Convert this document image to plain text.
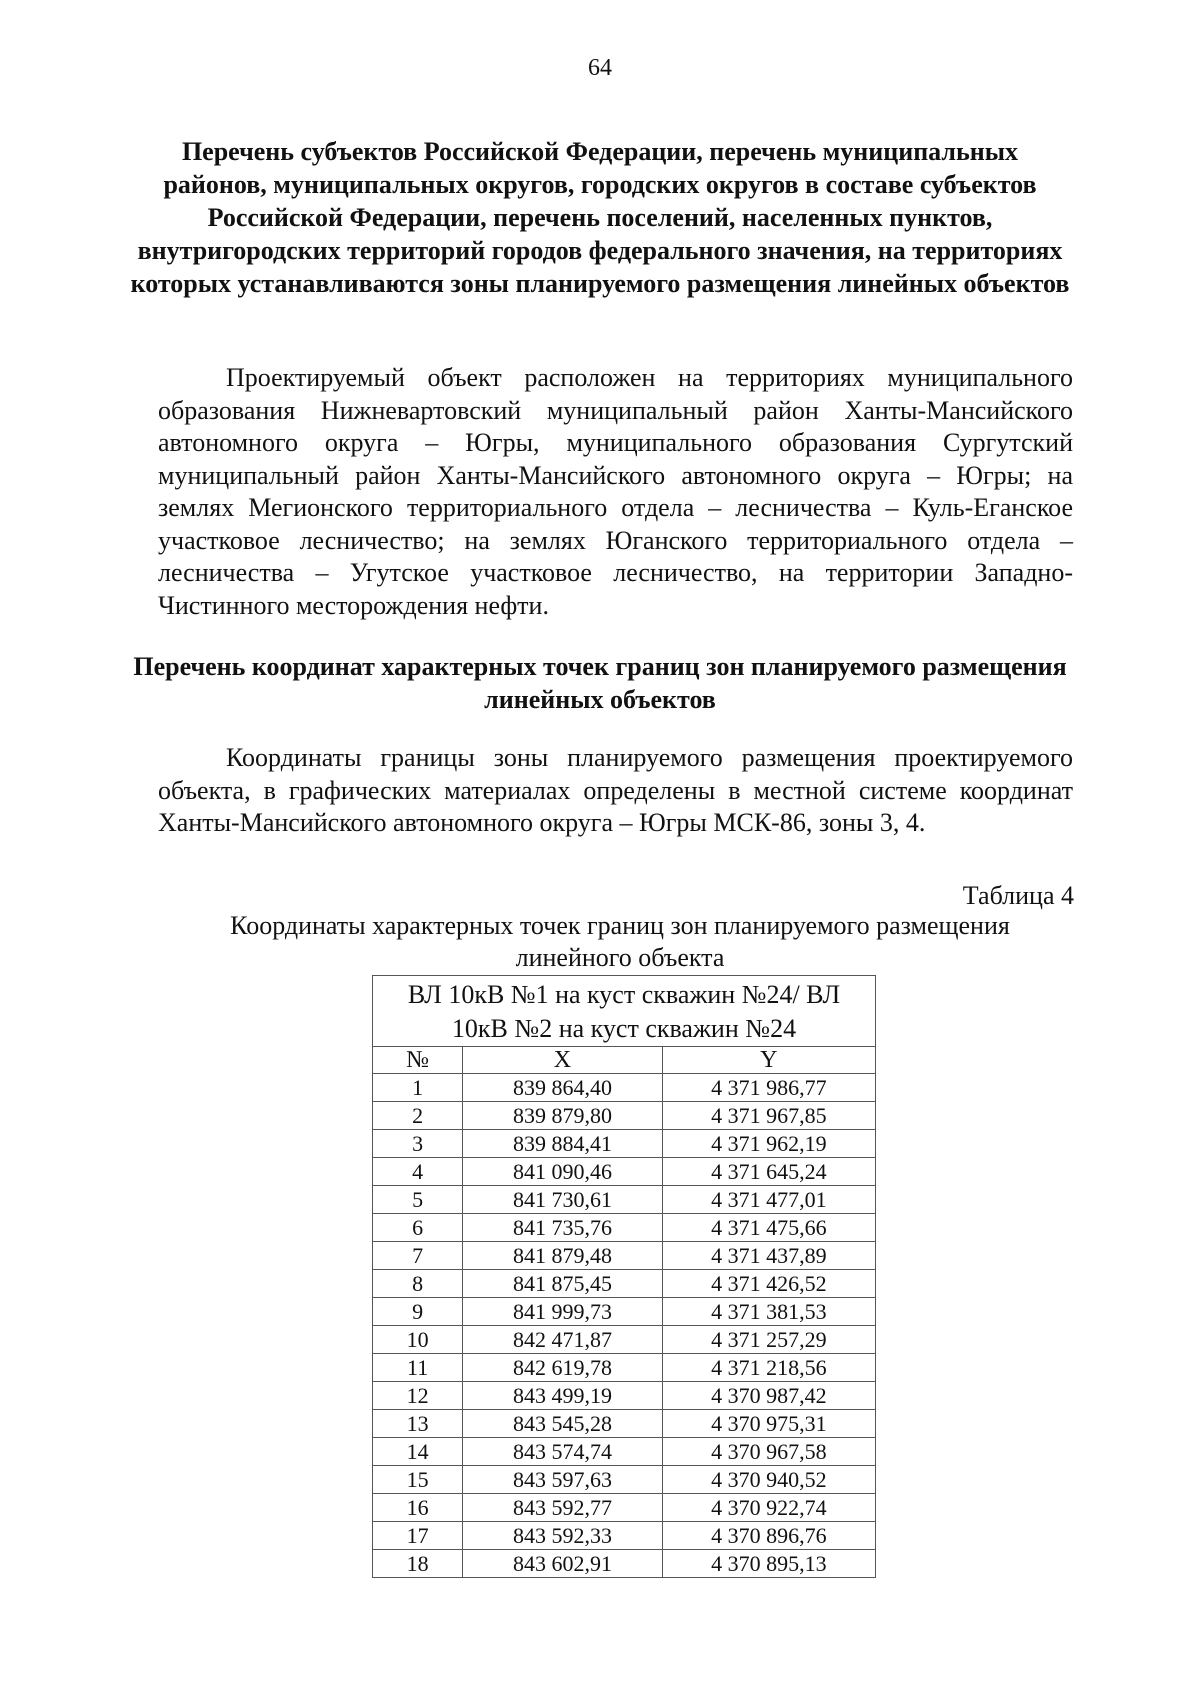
64
Перечень субъектов Российской Федерации, перечень муниципальных районов, муниципальных округов, городских округов в составе субъектов Российской Федерации, перечень поселений, населенных пунктов, внутригородских территорий городов федерального значения, на территориях которых устанавливаются зоны планируемого размещения линейных объектов

Проектируемый объект расположен на территориях муниципального образования Нижневартовский муниципальный район Ханты-Мансийского автономного округа – Югры, муниципального образования Сургутский муниципальный район Ханты-Мансийского автономного округа – Югры; на землях Мегионского территориального отдела – лесничества – Куль-Еганское участковое лесничество; на землях Юганского территориального отдела – лесничества – Угутское участковое лесничество, на территории Западно-Чистинного месторождения нефти.

Перечень координат характерных точек границ зон планируемого размещения линейных объектов

Координаты границы зоны планируемого размещения проектируемого объекта, в графических материалах определены в местной системе координат Ханты-Мансийского автономного округа – Югры МСК-86, зоны 3, 4.

Таблица 4
Координаты характерных точек границ зон планируемого размещения линейного объекта
ВЛ 10кВ №1 на куст скважин №24/ ВЛ 10кВ №2 на куст скважин №24		
№	X	Y
1	839 864,40	4 371 986,77
2	839 879,80	4 371 967,85
3	839 884,41	4 371 962,19
4	841 090,46	4 371 645,24
5	841 730,61	4 371 477,01
6	841 735,76	4 371 475,66
7	841 879,48	4 371 437,89
8	841 875,45	4 371 426,52
9	841 999,73	4 371 381,53
10	842 471,87	4 371 257,29
11	842 619,78	4 371 218,56
12	843 499,19	4 370 987,42
13	843 545,28	4 370 975,31
14	843 574,74	4 370 967,58
15	843 597,63	4 370 940,52
16	843 592,77	4 370 922,74
17	843 592,33	4 370 896,76
18	843 602,91	4 370 895,13
